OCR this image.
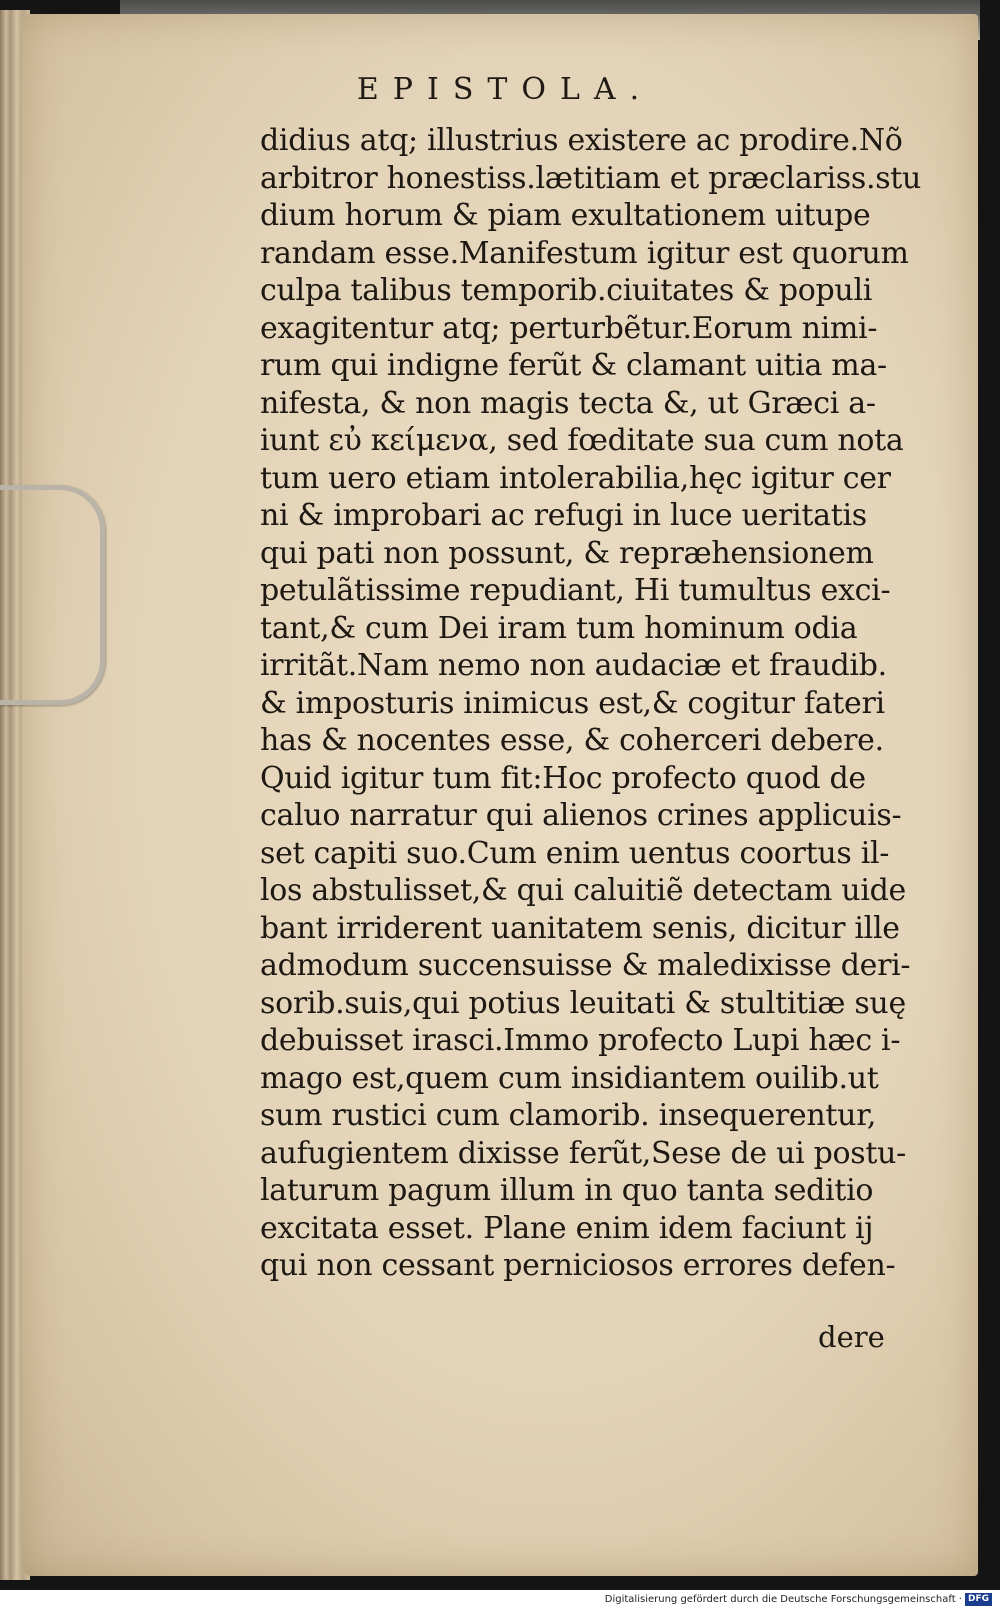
EPISTOLA.
didius atq; illustrius existere ac prodire.Nõ
arbitror honestiss.lætitiam et præclariss.stu
dium horum & piam exultationem uitupe
randam esse.Manifestum igitur est quorum
culpa talibus temporib.ciuitates & populi
exagitentur atq; perturbẽtur.Eorum nimi-
rum qui indigne ferũt & clamant uitia ma-
nifesta, & non magis tecta &, ut Græci a-
iunt εὐ κείμενα, sed fœditate sua cum nota
tum uero etiam intolerabilia,hęc igitur cer
ni & improbari ac refugi in luce ueritatis
qui pati non possunt, & repræhensionem
petulãtissime repudiant, Hi tumultus exci-
tant,& cum Dei iram tum hominum odia
irritãt.Nam nemo non audaciæ et fraudib.
& imposturis inimicus est,& cogitur fateri
has & nocentes esse, & coherceri debere.
Quid igitur tum fit:Hoc profecto quod de
caluo narratur qui alienos crines applicuis-
set capiti suo.Cum enim uentus coortus il-
los abstulisset,& qui caluitiẽ detectam uide
bant irriderent uanitatem senis, dicitur ille
admodum succensuisse & maledixisse deri-
sorib.suis,qui potius leuitati & stultitiæ suę
debuisset irasci.Immo profecto Lupi hæc i-
mago est,quem cum insidiantem ouilib.ut
sum rustici cum clamorib. insequerentur,
aufugientem dixisse ferũt,Sese de ui postu-
laturum pagum illum in quo tanta seditio
excitata esset. Plane enim idem faciunt ij
qui non cessant perniciosos errores defen-
dere
Digitalisierung gefördert durch die Deutsche Forschungsgemeinschaft · DFG
